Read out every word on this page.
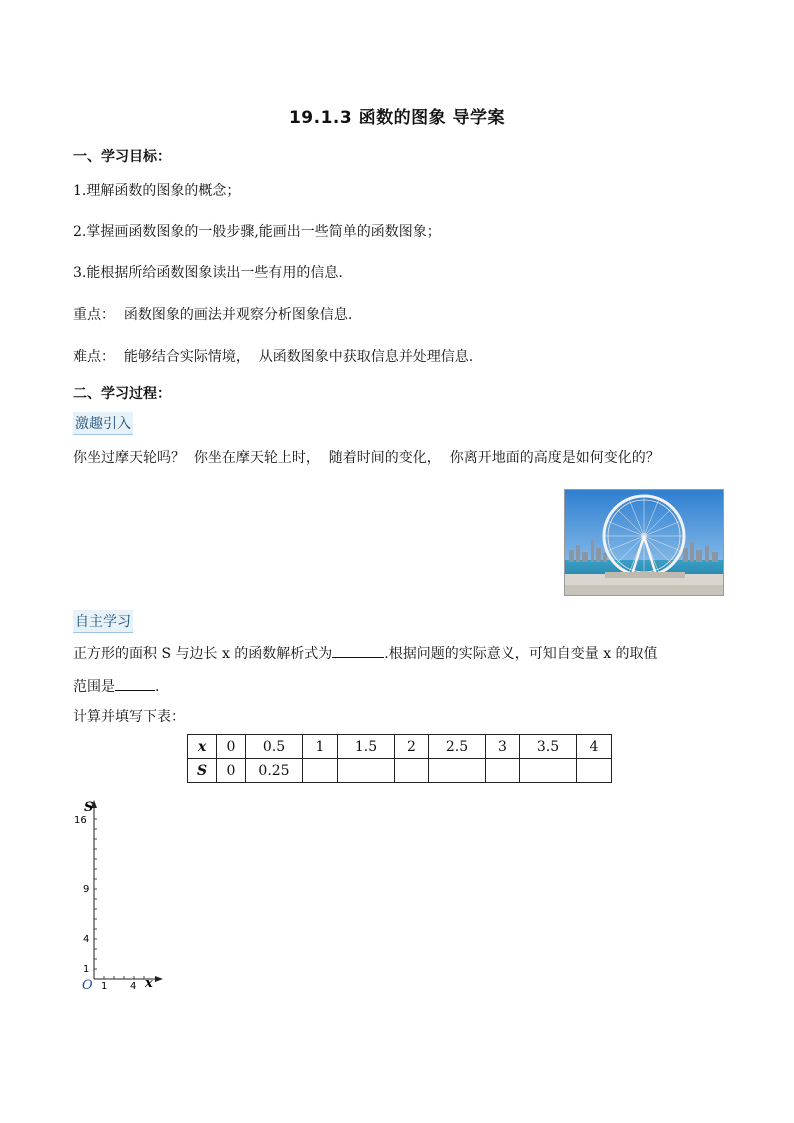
19.1.3 函数的图象 导学案
一、学习目标：
1.理解函数的图象的概念；
2.掌握画函数图象的一般步骤,能画出一些简单的函数图象；
3.能根据所给函数图象读出一些有用的信息.
重点：  函数图象的画法并观察分析图象信息.
难点：  能够结合实际情境，  从函数图象中获取信息并处理信息.
二、学习过程：
激趣引入
你坐过摩天轮吗？  你坐在摩天轮上时，  随着时间的变化，  你离开地面的高度是如何变化的？
自主学习
正方形的面积 S 与边长 x 的函数解析式为	.根据问题的实际意义，可知自变量 x 的取值
范围是	.
计算并填写下表：
x	0	0.5	1	1.5	2	2.5	3	3.5	4
S	0	0.25							
S
16
9
4
1
O 1 4 x
